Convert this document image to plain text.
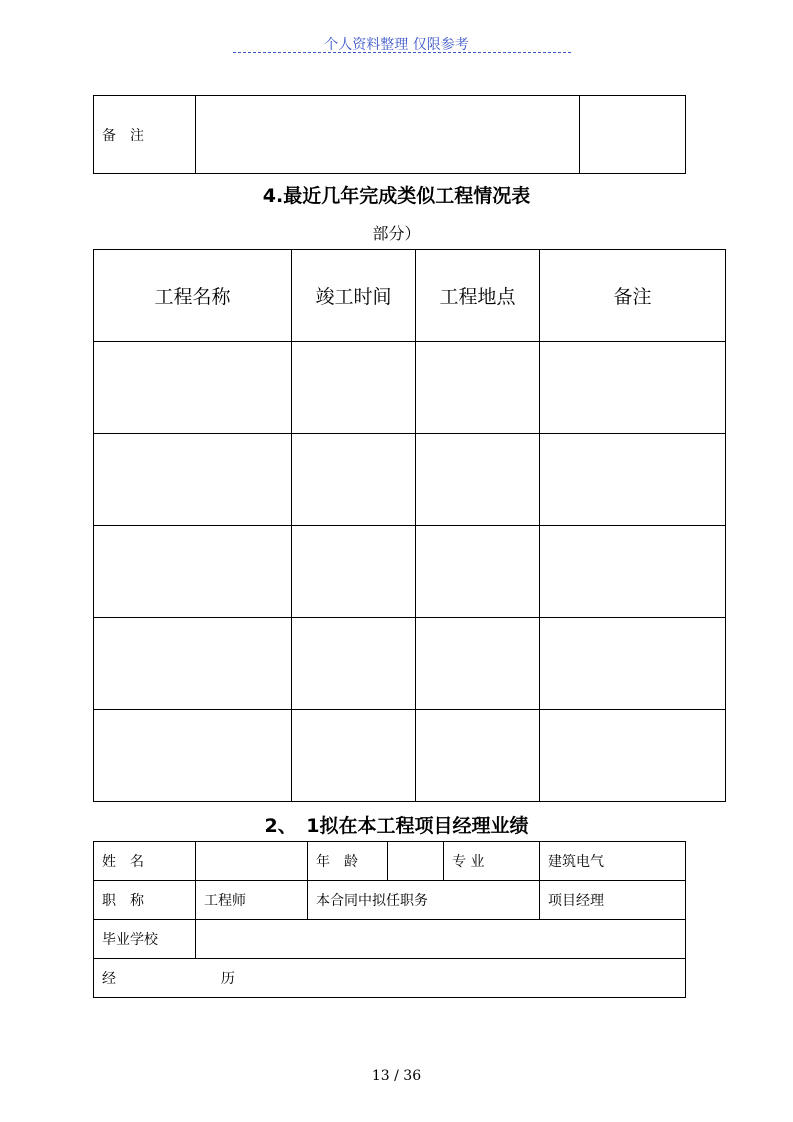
个人资料整理 仅限参考
备　注		
4.最近几年完成类似工程情况表
部分）
工程名称	竣工时间	工程地点	备注

2、　1拟在本工程项目经理业绩
姓　名		年　龄		专 业	建筑电气
职　称	工程师	本合同中拟任职务			项目经理
毕业学校					
经 历					
13 / 36
